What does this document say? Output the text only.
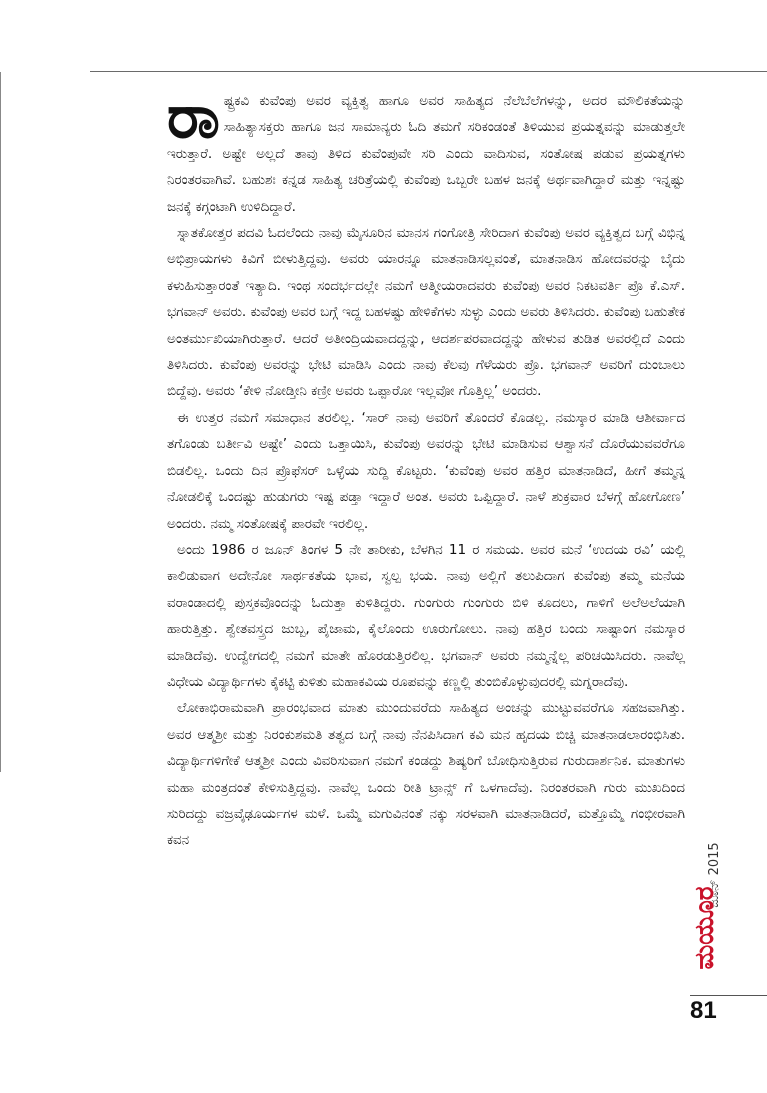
ರಾಷ್ಟ್ರಕವಿ ಕುವೆಂಪು ಅವರ ವ್ಯಕ್ತಿತ್ವ ಹಾಗೂ ಅವರ ಸಾಹಿತ್ಯದ ನೆಲೆಬೆಲೆಗಳನ್ನು, ಅದರ ಮೌಲಿಕತೆಯನ್ನು ಸಾಹಿತ್ಯಾಸಕ್ತರು ಹಾಗೂ ಜನ ಸಾಮಾನ್ಯರು ಓದಿ ತಮಗೆ ಸರಿಕಂಡಂತೆ ತಿಳಿಯುವ ಪ್ರಯತ್ನವನ್ನು ಮಾಡುತ್ತಲೇ ಇರುತ್ತಾರೆ. ಅಷ್ಟೇ ಅಲ್ಲದೆ ತಾವು ತಿಳಿದ ಕುವೆಂಪುವೇ ಸರಿ ಎಂದು ವಾದಿಸುವ, ಸಂತೋಷ ಪಡುವ ಪ್ರಯತ್ನಗಳು ನಿರಂತರವಾಗಿವೆ. ಬಹುಶಃ ಕನ್ನಡ ಸಾಹಿತ್ಯ ಚರಿತ್ರೆಯಲ್ಲಿ ಕುವೆಂಪು ಒಬ್ಬರೇ ಬಹಳ ಜನಕ್ಕೆ ಅರ್ಥವಾಗಿದ್ದಾರೆ ಮತ್ತು ಇನ್ನಷ್ಟು ಜನಕ್ಕೆ ಕಗ್ಗಂಟಾಗಿ ಉಳಿದಿದ್ದಾರೆ.

ಸ್ನಾತಕೋತ್ತರ ಪದವಿ ಓದಲೆಂದು ನಾವು ಮೈಸೂರಿನ ಮಾನಸ ಗಂಗೋತ್ರಿ ಸೇರಿದಾಗ ಕುವೆಂಪು ಅವರ ವ್ಯಕ್ತಿತ್ವದ ಬಗ್ಗೆ ವಿಭಿನ್ನ ಅಭಿಪ್ರಾಯಗಳು ಕಿವಿಗೆ ಬೀಳುತ್ತಿದ್ದವು. ಅವರು ಯಾರನ್ನೂ ಮಾತನಾಡಿಸಲ್ಲವಂತೆ, ಮಾತನಾಡಿಸ ಹೋದವರನ್ನು ಬೈದು ಕಳುಹಿಸುತ್ತಾರಂತೆ ಇತ್ಯಾದಿ. ಇಂಥ ಸಂದರ್ಭದಲ್ಲೇ ನಮಗೆ ಆತ್ಮೀಯರಾದವರು ಕುವೆಂಪು ಅವರ ನಿಕಟವರ್ತಿ ಪ್ರೊ ಕೆ.ಎಸ್. ಭಗವಾನ್ ಅವರು. ಕುವೆಂಪು ಅವರ ಬಗ್ಗೆ ಇದ್ದ ಬಹಳಷ್ಟು ಹೇಳಿಕೆಗಳು ಸುಳ್ಳು ಎಂದು ಅವರು ತಿಳಿಸಿದರು. ಕುವೆಂಪು ಬಹುತೇಕ ಅಂತರ್ಮುಖಿಯಾಗಿರುತ್ತಾರೆ. ಆದರೆ ಅತೀಂದ್ರಿಯವಾದದ್ದನ್ನು, ಆದರ್ಶಪರವಾದದ್ದನ್ನು ಹೇಳುವ ತುಡಿತ ಅವರಲ್ಲಿದೆ ಎಂದು ತಿಳಿಸಿದರು. ಕುವೆಂಪು ಅವರನ್ನು ಭೇಟಿ ಮಾಡಿಸಿ ಎಂದು ನಾವು ಕೆಲವು ಗೆಳೆಯರು ಪ್ರೊ. ಭಗವಾನ್ ಅವರಿಗೆ ದುಂಬಾಲು ಬಿದ್ದೆವು. ಅವರು ‘ಕೇಳಿ ನೋಡ್ತೀನಿ ಕಣ್ರೀ ಅವರು ಒಪ್ಪಾರೋ ಇಲ್ಲವೋ ಗೊತ್ತಿಲ್ಲ’ ಅಂದರು.

ಈ ಉತ್ತರ ನಮಗೆ ಸಮಾಧಾನ ತರಲಿಲ್ಲ. ‘ಸಾರ್ ನಾವು ಅವರಿಗೆ ತೊಂದರೆ ಕೊಡಲ್ಲ. ನಮಸ್ಕಾರ ಮಾಡಿ ಆಶೀರ್ವಾದ ತಗೊಂಡು ಬರ್ತೀವಿ ಅಷ್ಟೇ’ ಎಂದು ಒತ್ತಾಯಿಸಿ, ಕುವೆಂಪು ಅವರನ್ನು ಭೇಟಿ ಮಾಡಿಸುವ ಆಶ್ವಾಸನೆ ದೊರೆಯುವವರೆಗೂ ಬಿಡಲಿಲ್ಲ. ಒಂದು ದಿನ ಪ್ರೊಫೆಸರ್ ಒಳ್ಳೆಯ ಸುದ್ದಿ ಕೊಟ್ಟರು. ‘ಕುವೆಂಪು ಅವರ ಹತ್ತಿರ ಮಾತನಾಡಿದೆ, ಹೀಗೆ ತಮ್ಮನ್ನ ನೋಡಲಿಕ್ಕೆ ಒಂದಷ್ಟು ಹುಡುಗರು ಇಷ್ಟ ಪಡ್ತಾ ಇದ್ದಾರೆ ಅಂತ. ಅವರು ಒಪ್ಪಿದ್ದಾರೆ. ನಾಳೆ ಶುಕ್ರವಾರ ಬೆಳಗ್ಗೆ ಹೋಗೋಣ’ ಅಂದರು. ನಮ್ಮ ಸಂತೋಷಕ್ಕೆ ಪಾರವೇ ಇರಲಿಲ್ಲ.

ಅಂದು 1986 ರ ಜೂನ್ ತಿಂಗಳ 5 ನೇ ತಾರೀಕು, ಬೆಳಗಿನ 11 ರ ಸಮಯ. ಅವರ ಮನೆ ‘ಉದಯ ರವಿ’ ಯಲ್ಲಿ ಕಾಲಿಡುವಾಗ ಅದೇನೋ ಸಾರ್ಥಕತೆಯ ಭಾವ, ಸ್ವಲ್ಪ ಭಯ. ನಾವು ಅಲ್ಲಿಗೆ ತಲುಪಿದಾಗ ಕುವೆಂಪು ತಮ್ಮ ಮನೆಯ ವರಾಂಡಾದಲ್ಲಿ ಪುಸ್ತಕವೊಂದನ್ನು ಓದುತ್ತಾ ಕುಳಿತಿದ್ದರು. ಗುಂಗುರು ಗುಂಗುರು ಬಿಳಿ ಕೂದಲು, ಗಾಳಿಗೆ ಅಲೆಅಲೆಯಾಗಿ ಹಾರುತ್ತಿತ್ತು. ಶ್ವೇತವಸ್ತ್ರದ ಜುಬ್ಬ, ಪೈಜಾಮ, ಕೈಲೊಂದು ಊರುಗೋಲು. ನಾವು ಹತ್ತಿರ ಬಂದು ಸಾಷ್ಟಾಂಗ ನಮಸ್ಕಾರ ಮಾಡಿದೆವು. ಉದ್ವೇಗದಲ್ಲಿ ನಮಗೆ ಮಾತೇ ಹೊರಡುತ್ತಿರಲಿಲ್ಲ. ಭಗವಾನ್ ಅವರು ನಮ್ಮನ್ನೆಲ್ಲ ಪರಿಚಯಿಸಿದರು. ನಾವೆಲ್ಲ ವಿಧೇಯ ವಿದ್ಯಾರ್ಥಿಗಳು ಕೈಕಟ್ಟಿ ಕುಳಿತು ಮಹಾಕವಿಯ ರೂಪವನ್ನು ಕಣ್ಣಲ್ಲಿ ತುಂಬಿಕೊಳ್ಳುವುದರಲ್ಲಿ ಮಗ್ನರಾದೆವು.

ಲೋಕಾಭಿರಾಮವಾಗಿ ಪ್ರಾರಂಭವಾದ ಮಾತು ಮುಂದುವರೆದು ಸಾಹಿತ್ಯದ ಅಂಚನ್ನು ಮುಟ್ಟುವವರೆಗೂ ಸಹಜವಾಗಿತ್ತು. ಅವರ ಆತ್ಮಶ್ರೀ ಮತ್ತು ನಿರಂಕುಶಮತಿ ತತ್ವದ ಬಗ್ಗೆ ನಾವು ನೆನಪಿಸಿದಾಗ ಕವಿ ಮನ ಹೃದಯ ಬಿಚ್ಚಿ ಮಾತನಾಡಲಾರಂಭಿಸಿತು. ವಿದ್ಯಾರ್ಥಿಗಳಿಗೇಕೆ ಆತ್ಮಶ್ರೀ ಎಂದು ವಿವರಿಸುವಾಗ ನಮಗೆ ಕಂಡದ್ದು ಶಿಷ್ಯರಿಗೆ ಬೋಧಿಸುತ್ತಿರುವ ಗುರುದಾರ್ಶನಿಕ. ಮಾತುಗಳು ಮಹಾ ಮಂತ್ರದಂತೆ ಕೇಳಿಸುತ್ತಿದ್ದವು. ನಾವೆಲ್ಲ ಒಂದು ರೀತಿ ಟ್ರಾನ್ಸ್ ಗೆ ಒಳಗಾದೆವು. ನಿರಂತರವಾಗಿ ಗುರು ಮುಖದಿಂದ ಸುರಿದದ್ದು ವಜ್ರವೈಢೂರ್ಯಗಳ ಮಳೆ. ಒಮ್ಮೆ ಮಗುವಿನಂತೆ ನಕ್ಕು ಸರಳವಾಗಿ ಮಾತನಾಡಿದರೆ, ಮತ್ತೊಮ್ಮೆ ಗಂಭೀರವಾಗಿ ಕವನ

ಜೂನ್ 2015
ಮಯೂರ
81
